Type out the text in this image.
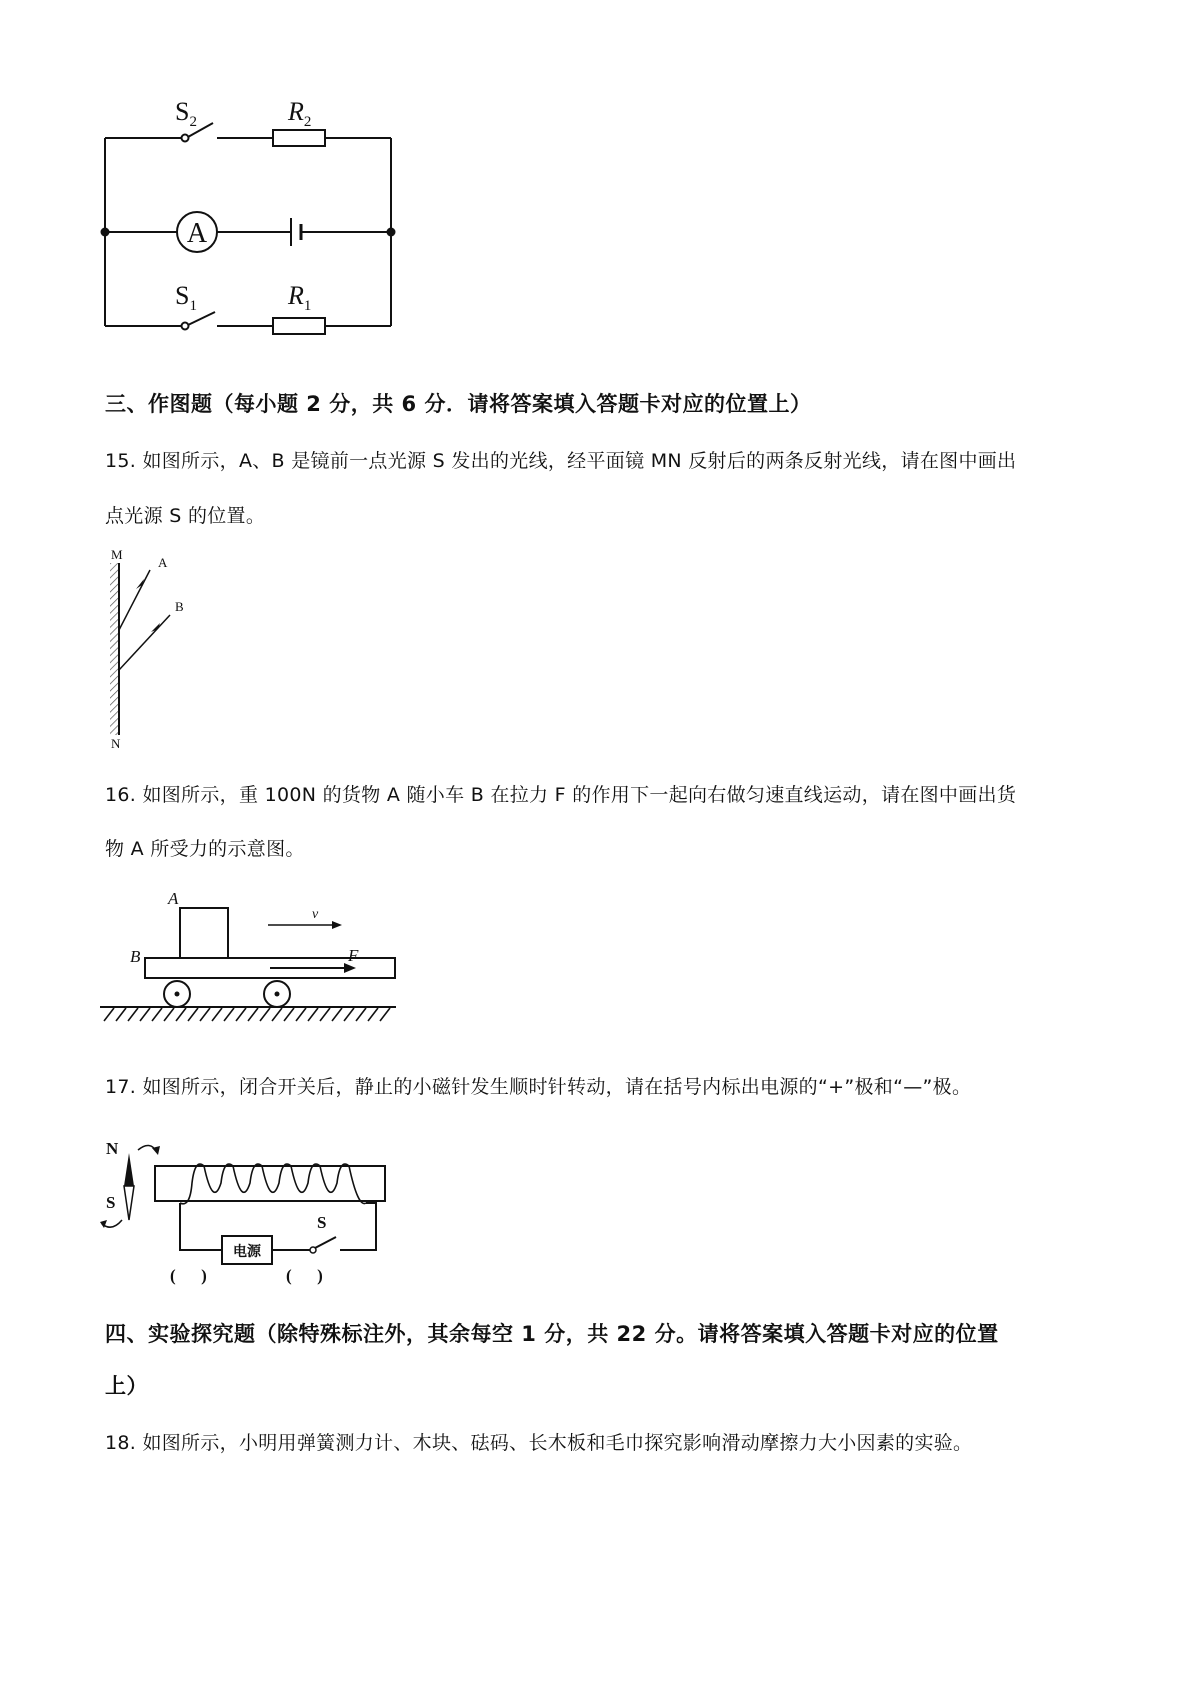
A
$S_2$	$R_2$
$S_1$	$R_1$
三、作图题（每小题 2 分，共 6 分．请将答案填入答题卡对应的位置上）
15. 如图所示，A、B 是镜前一点光源 S 发出的光线，经平面镜 MN 反射后的两条反射光线，请在图中画出
点光源 S 的位置。
M
N
A
B
16. 如图所示，重 100N 的货物 A 随小车 B 在拉力 F 的作用下一起向右做匀速直线运动，请在图中画出货
物 A 所受力的示意图。
A
B
v
F
17. 如图所示，闭合开关后，静止的小磁针发生顺时针转动，请在括号内标出电源的“+”极和“—”极。
N
S
电源
S
(      )	(      )
四、实验探究题（除特殊标注外，其余每空 1 分，共 22 分。请将答案填入答题卡对应的位置
上）
18. 如图所示，小明用弹簧测力计、木块、砝码、长木板和毛巾探究影响滑动摩擦力大小因素的实验。
